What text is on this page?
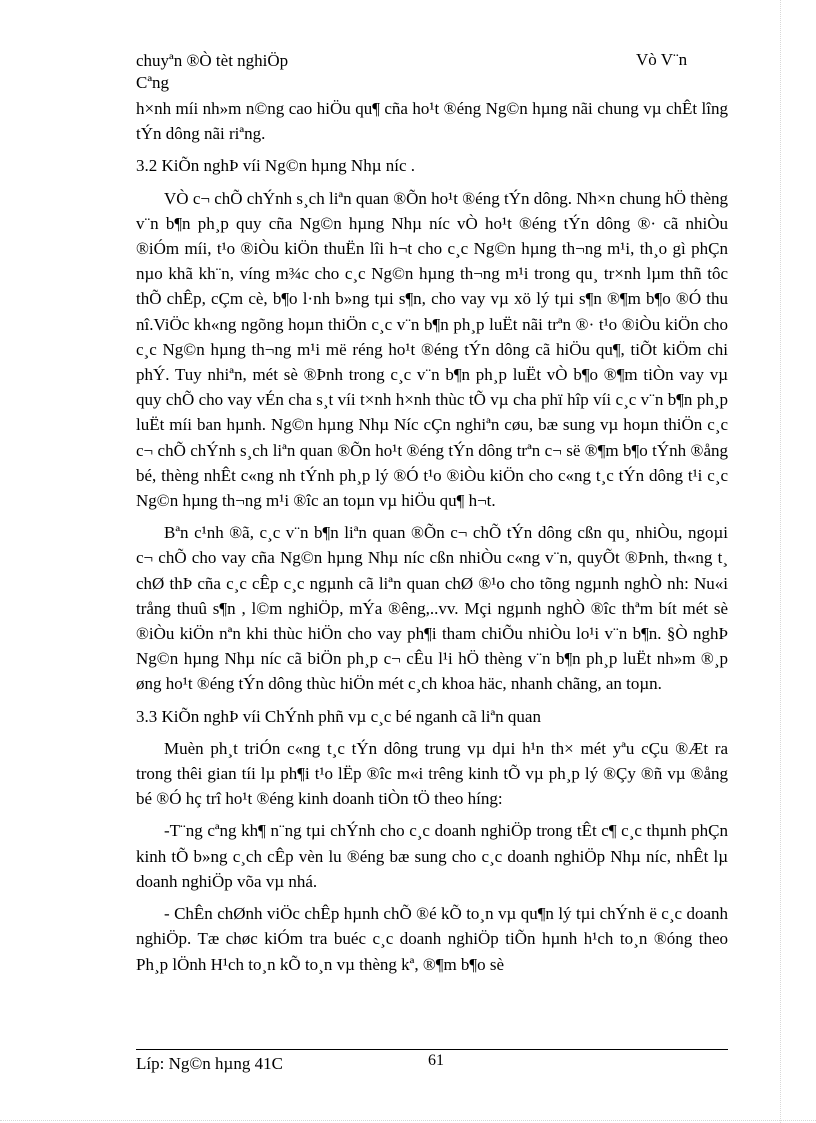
chuyªn ®Ò tèt nghiÖp
Cªng
Vò V¨n

h×nh míi nh»m n©ng cao hiÖu qu¶ cña ho¹t ®éng Ng©n hµng nãi chung vµ chÊt lîng tÝn dông nãi riªng.

3.2 KiÕn nghÞ víi Ng©n hµng Nhµ níc .

VÒ c¬ chÕ chÝnh s¸ch liªn quan ®Õn ho¹t ®éng tÝn dông. Nh×n chung hÖ thèng v¨n b¶n ph¸p quy cña Ng©n hµng Nhµ níc vÒ ho¹t ®éng tÝn dông ®· cã nhiÒu ®iÓm míi, t¹o ®iÒu kiÖn thuËn lîi h¬t cho c¸c Ng©n hµng th¬ng m¹i, th¸o gì phÇn nµo khã kh¨n, víng m¾c cho c¸c Ng©n hµng th¬ng m¹i trong qu¸ tr×nh lµm thñ tôc thÕ chÊp, cÇm cè, b¶o l·nh b»ng tµi s¶n, cho vay vµ xö lý tµi s¶n ®¶m b¶o ®Ó thu nî.ViÖc kh«ng ngõng hoµn thiÖn c¸c v¨n b¶n ph¸p luËt nãi trªn ®· t¹o ®iÒu kiÖn cho c¸c Ng©n hµng th¬ng m¹i më réng ho¹t ®éng tÝn dông cã hiÖu qu¶, tiÕt kiÖm chi phÝ. Tuy nhiªn, mét sè ®Þnh trong c¸c v¨n b¶n ph¸p luËt vÒ b¶o ®¶m tiÒn vay vµ quy chÕ cho vay vÉn cha s¸t víi t×nh h×nh thùc tÕ vµ cha phï hîp víi c¸c v¨n b¶n ph¸p luËt míi ban hµnh. Ng©n hµng Nhµ Níc cÇn nghiªn cøu, bæ sung vµ hoµn thiÖn c¸c c¬ chÕ chÝnh s¸ch liªn quan ®Õn ho¹t ®éng tÝn dông trªn c¬ së ®¶m b¶o tÝnh ®ång bé, thèng nhÊt c«ng nh tÝnh ph¸p lý ®Ó t¹o ®iÒu kiÖn cho c«ng t¸c tÝn dông t¹i c¸c Ng©n hµng th¬ng m¹i ®îc an toµn vµ hiÖu qu¶ h¬t.

Bªn c¹nh ®ã, c¸c v¨n b¶n liªn quan ®Õn c¬ chÕ tÝn dông cßn qu¸ nhiÒu, ngoµi c¬ chÕ cho vay cña Ng©n hµng Nhµ níc cßn nhiÒu c«ng v¨n, quyÕt ®Þnh, th«ng t¸ chØ thÞ cña c¸c cÊp c¸c ngµnh cã liªn quan chØ ®¹o cho tõng ngµnh nghÒ nh: Nu«i trång thuû s¶n , l©m nghiÖp, mÝa ®êng,..vv. Mçi ngµnh nghÒ ®îc thªm bít mét sè ®iÒu kiÖn nªn khi thùc hiÖn cho vay ph¶i tham chiÕu nhiÒu lo¹i v¨n b¶n. §Ò nghÞ Ng©n hµng Nhµ níc cã biÖn ph¸p c¬ cÊu l¹i hÖ thèng v¨n b¶n ph¸p luËt nh»m ®¸p øng ho¹t ®éng tÝn dông thùc hiÖn mét c¸ch khoa häc, nhanh chãng, an toµn.

3.3 KiÕn nghÞ víi ChÝnh phñ vµ c¸c bé nganh cã liªn quan

Muèn ph¸t triÓn c«ng t¸c tÝn dông trung vµ dµi h¹n th× mét yªu cÇu ®Æt ra trong thêi gian tíi lµ ph¶i t¹o lËp ®îc m«i trêng kinh tÕ vµ ph¸p lý ®Çy ®ñ vµ ®ång bé ®Ó hç trî ho¹t ®éng kinh doanh tiÒn tÖ theo híng:

-T¨ng cªng kh¶ n¨ng tµi chÝnh cho c¸c doanh nghiÖp trong tÊt c¶ c¸c thµnh phÇn kinh tÕ b»ng c¸ch cÊp vèn lu ®éng bæ sung cho c¸c doanh nghiÖp Nhµ níc, nhÊt lµ doanh nghiÖp võa vµ nhá.

- ChÊn chØnh viÖc chÊp hµnh chÕ ®é kÕ to¸n vµ qu¶n lý tµi chÝnh ë c¸c doanh nghiÖp. Tæ chøc kiÓm tra buéc c¸c doanh nghiÖp tiÕn hµnh h¹ch to¸n ®óng theo Ph¸p lÖnh H¹ch to¸n kÕ to¸n vµ thèng kª, ®¶m b¶o sè

Líp: Ng©n hµng 41C	61
